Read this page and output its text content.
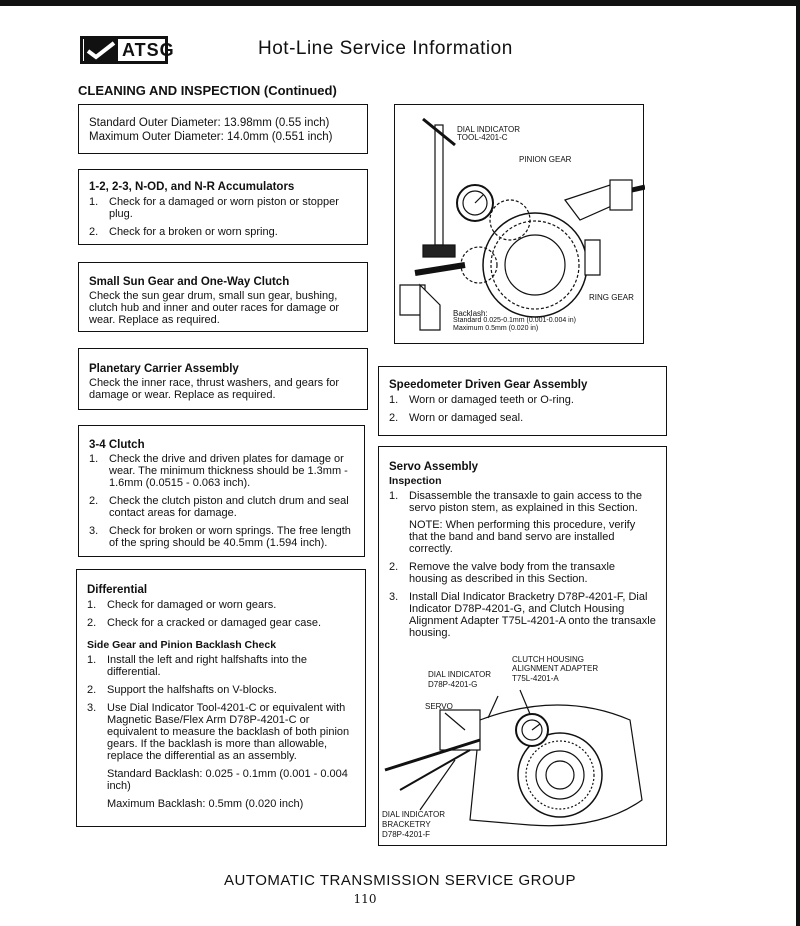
ATSG	Hot-Line Service Information
CLEANING AND INSPECTION (Continued)

Standard Outer Diameter: 13.98mm (0.55 inch)

Maximum Outer Diameter: 14.0mm (0.551 inch)

1-2, 2-3, N-OD, and N-R Accumulators
1. Check for a damaged or worn piston or stopper plug.
2. Check for a broken or worn spring.
Small Sun Gear and One-Way Clutch

Check the sun gear drum, small sun gear, bushing, clutch hub and inner and outer races for damage or wear. Replace as required.

Planetary Carrier Assembly

Check the inner race, thrust washers, and gears for damage or wear. Replace as required.

3-4 Clutch
1. Check the drive and driven plates for damage or wear. The minimum thickness should be 1.3mm - 1.6mm (0.0515 - 0.063 inch).
2. Check the clutch piston and clutch drum and seal contact areas for damage.
3. Check for broken or worn springs. The free length of the spring should be 40.5mm (1.594 inch).
Differential
1. Check for damaged or worn gears.
2. Check for a cracked or damaged gear case.
Side Gear and Pinion Backlash Check
1. Install the left and right halfshafts into the differential.
2. Support the halfshafts on V-blocks.
3. Use Dial Indicator Tool-4201-C or equivalent with Magnetic Base/Flex Arm D78P-4201-C or equivalent to measure the backlash of both pinion gears. If the backlash is more than allowable, replace the differential as an assembly.

Standard Backlash: 0.025 - 0.1mm (0.001 - 0.004 inch)

Maximum Backlash: 0.5mm (0.020 inch)

DIAL INDICATOR
TOOL-4201-C
PINION GEAR
RING GEAR
Backlash:
Standard 0.025-0.1mm (0.001-0.004 in)
Maximum 0.5mm (0.020 in)
Speedometer Driven Gear Assembly
1. Worn or damaged teeth or O-ring.
2. Worn or damaged seal.
Servo Assembly
Inspection
1. Disassemble the transaxle to gain access to the servo piston stem, as explained in this Section.

NOTE: When performing this procedure, verify that the band and band servo are installed correctly.

2. Remove the valve body from the transaxle housing as described in this Section.
3. Install Dial Indicator Bracketry D78P-4201-F, Dial Indicator D78P-4201-G, and Clutch Housing Alignment Adapter T75L-4201-A onto the transaxle housing.
CLUTCH HOUSING
ALIGNMENT ADAPTER
T75L-4201-A
DIAL INDICATOR
D78P-4201-G
SERVO
DIAL INDICATOR
BRACKETRY
D78P-4201-F
AUTOMATIC TRANSMISSION SERVICE GROUP
110
